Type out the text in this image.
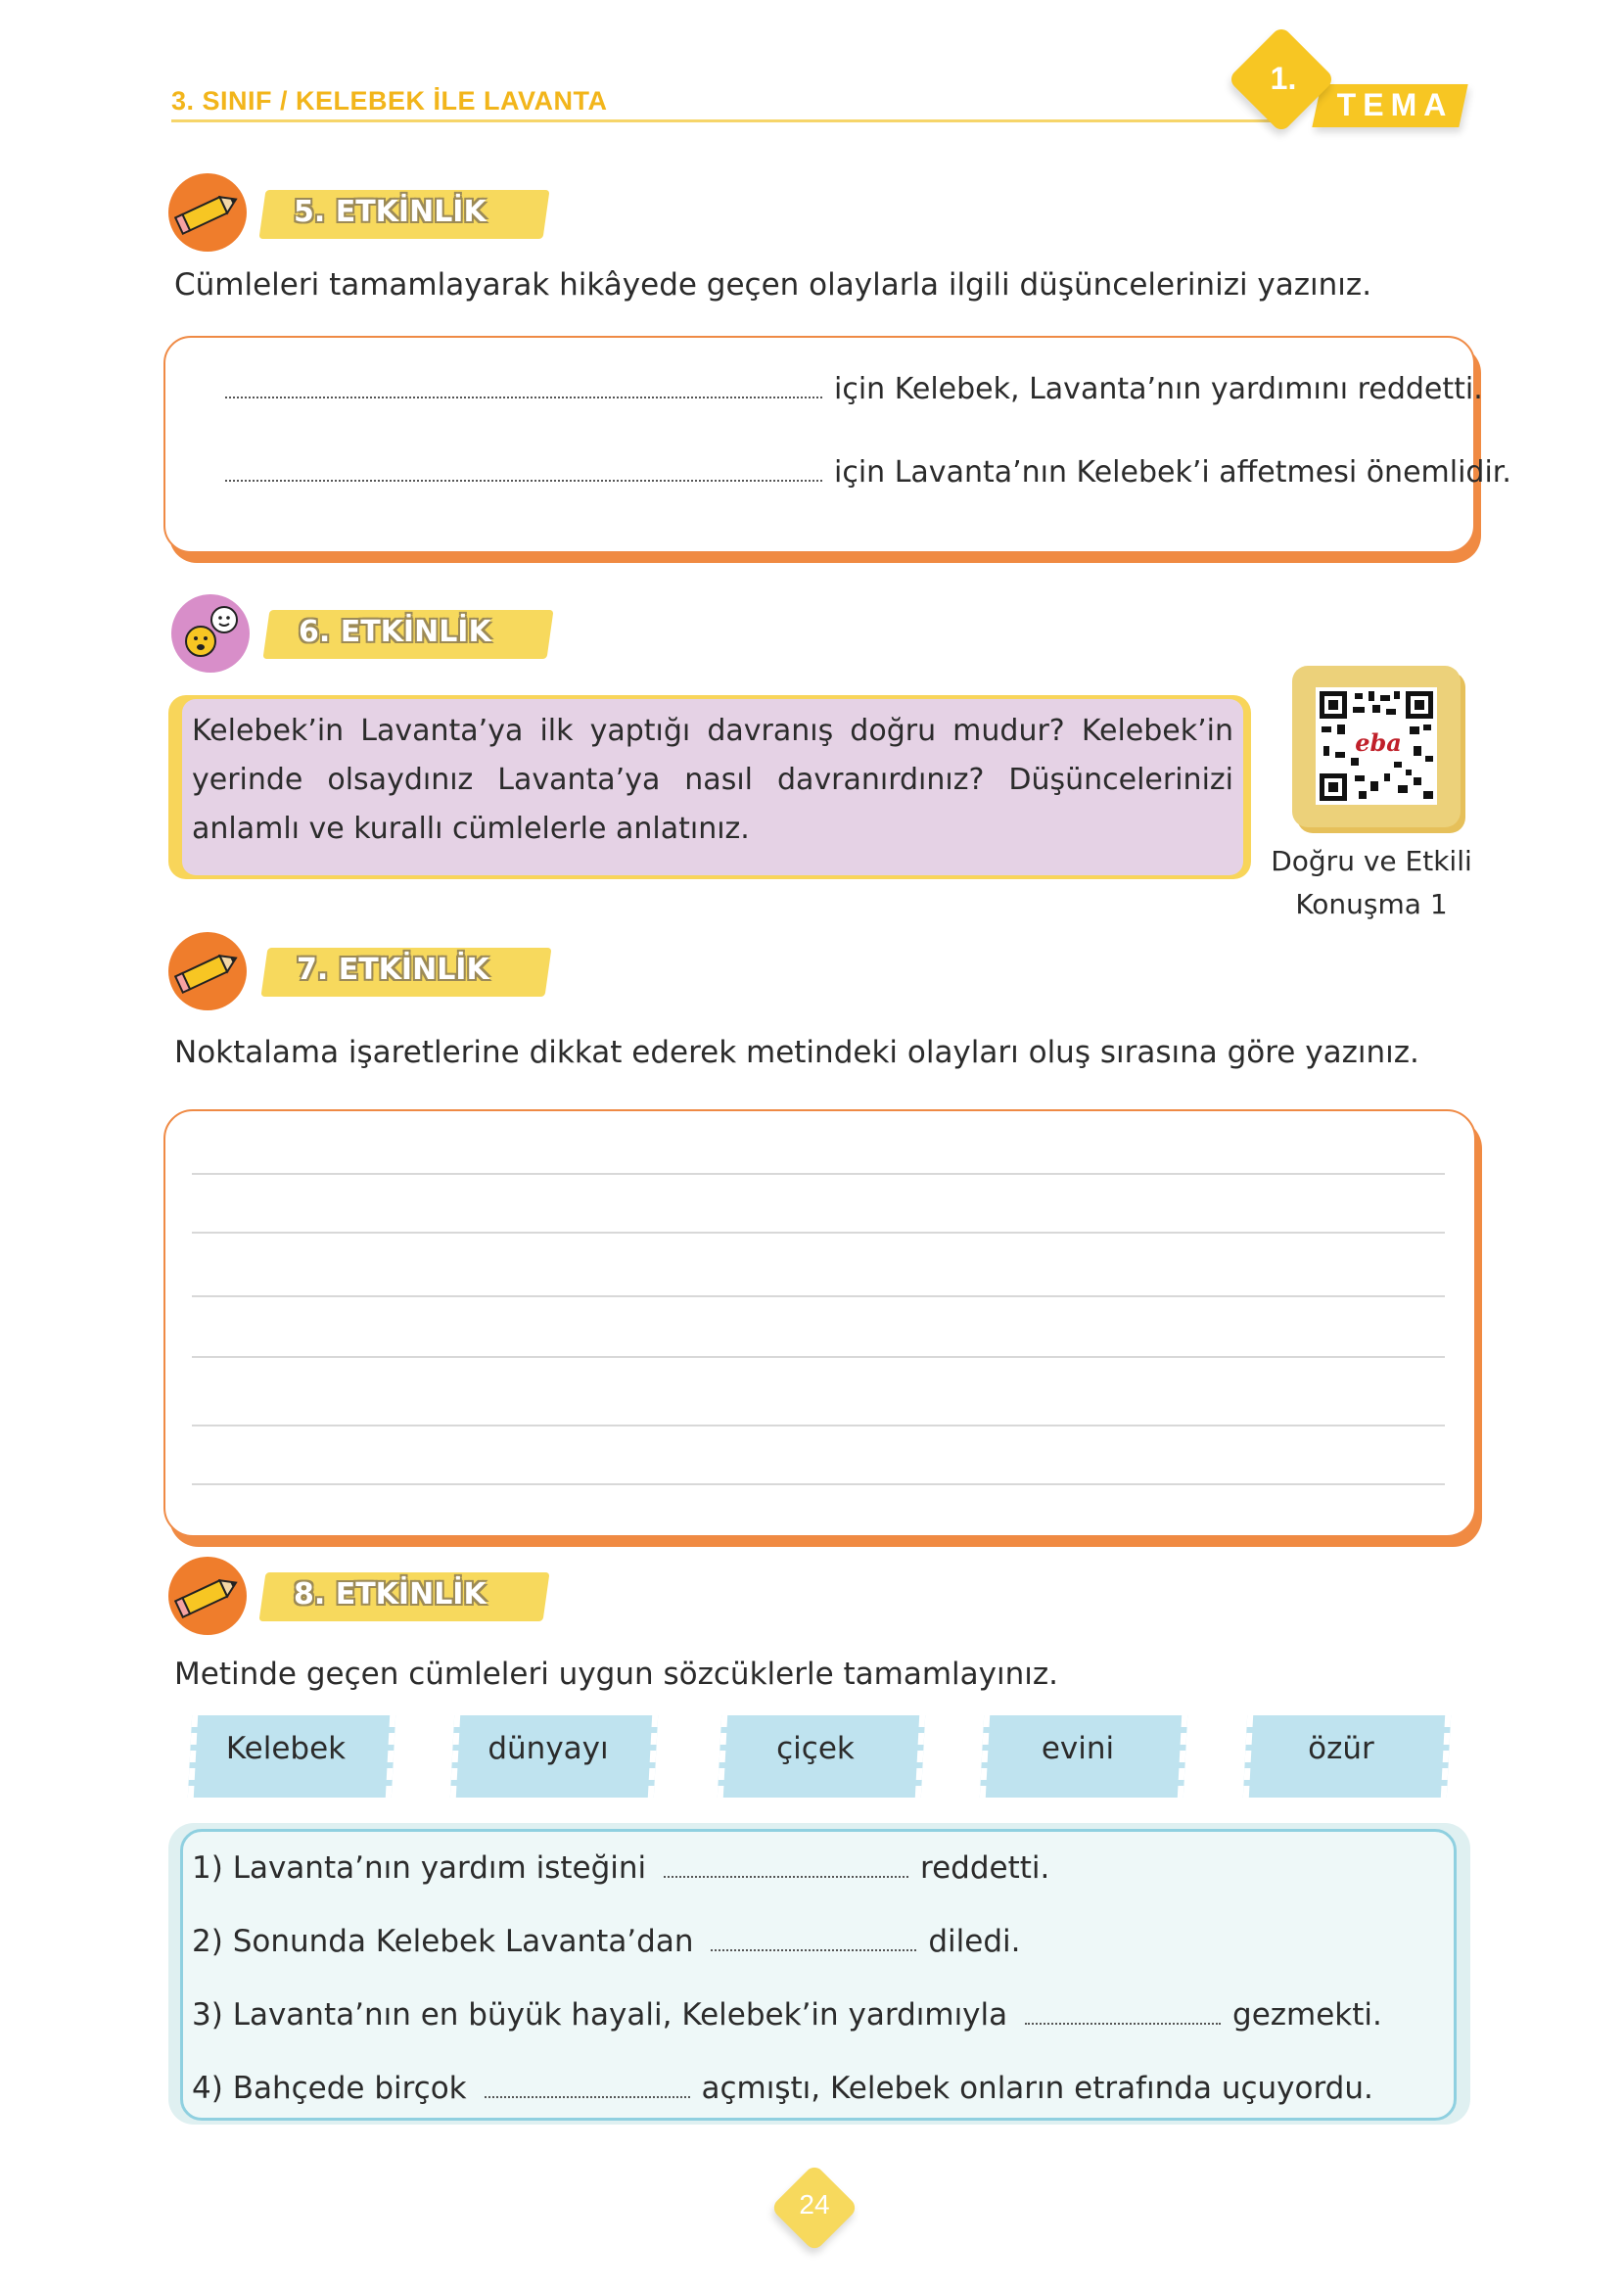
3. SINIF / KELEBEK İLE LAVANTA	TEMA
1.
5. ETKİNLİK
Cümleleri tamamlayarak hikâyede geçen olaylarla ilgili düşüncelerinizi yazınız.
için Kelebek, Lavanta’nın yardımını reddetti.
için Lavanta’nın Kelebek’i affetmesi önemlidir.
6. ETKİNLİK
Kelebek’in Lavanta’ya ilk yaptığı davranış doğru mudur? Kelebek’in yerinde olsaydınız Lavanta’ya nasıl davranırdınız? Düşüncelerinizi anlamlı ve kurallı cümlelerle anlatınız.
eba
Doğru ve Etkili
Konuşma 1
7. ETKİNLİK
Noktalama işaretlerine dikkat ederek metindeki olayları oluş sırasına göre yazınız.
8. ETKİNLİK
Metinde geçen cümleleri uygun sözcüklerle tamamlayınız.
Kelebek	dünyayı	çiçek	evini	özür
1) Lavanta’nın yardım isteğini	reddetti.
2) Sonunda Kelebek Lavanta’dan	diledi.
3) Lavanta’nın en büyük hayali, Kelebek’in yardımıyla	gezmekti.
4) Bahçede birçok	açmıştı, Kelebek onların etrafında uçuyordu.
24
